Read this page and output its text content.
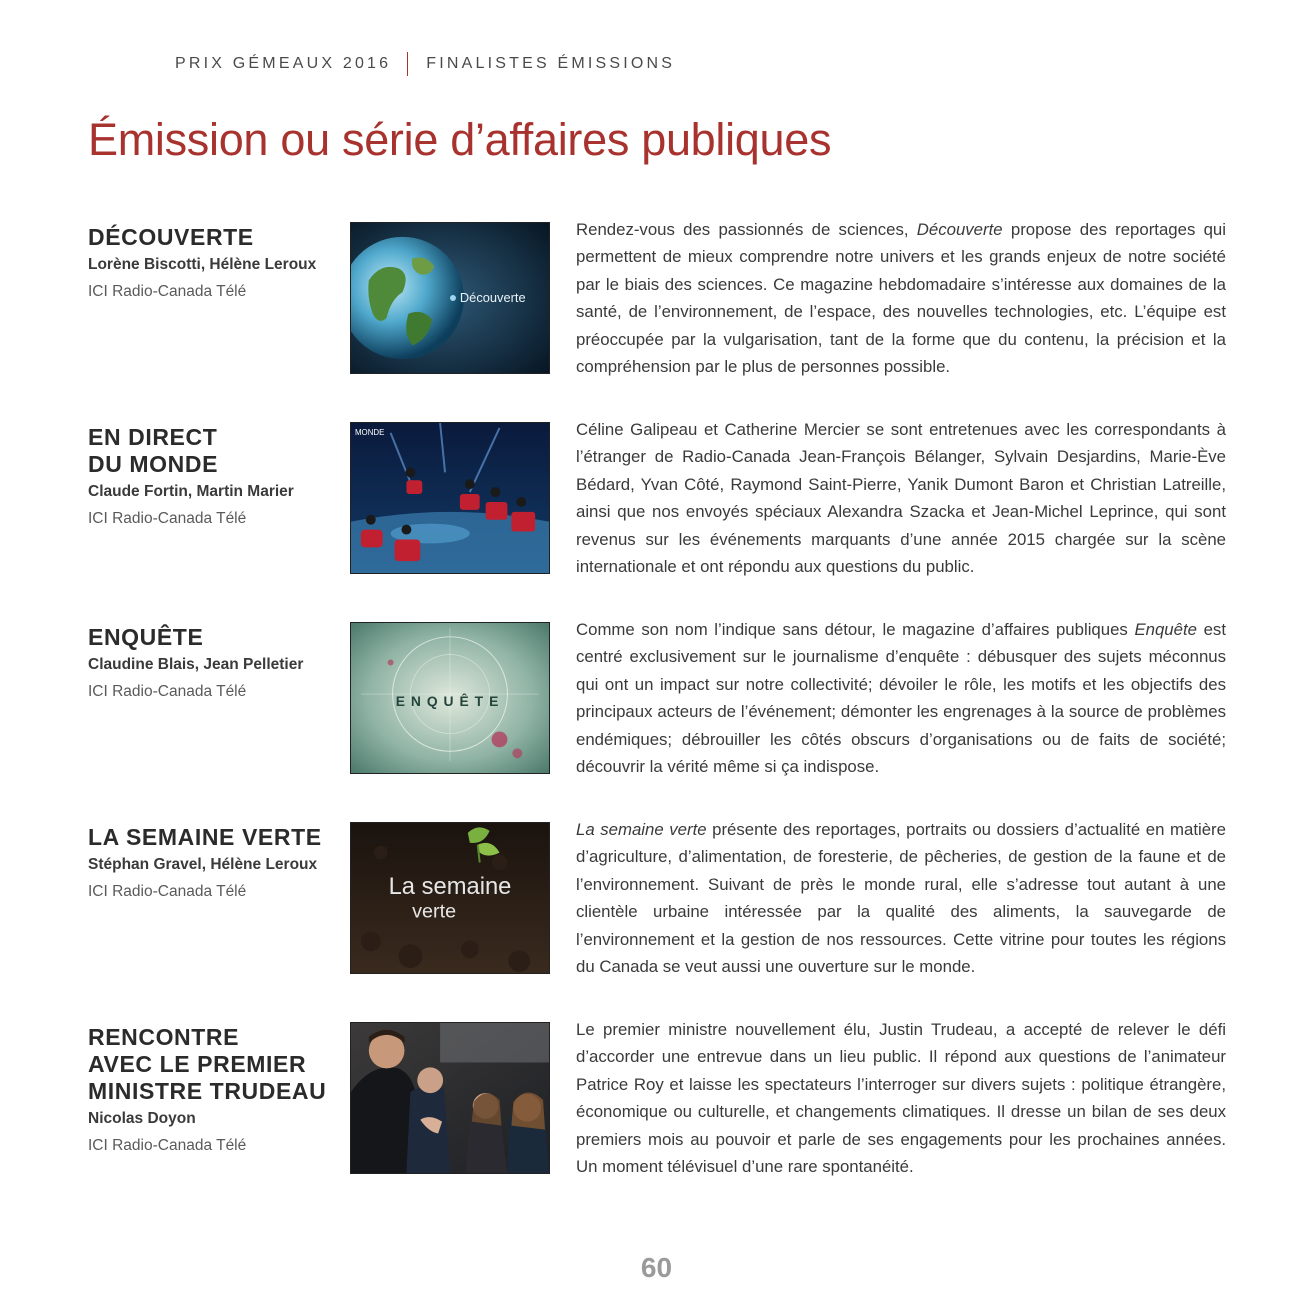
PRIX GÉMEAUX 2016 FINALISTES ÉMISSIONS
Émission ou série d’affaires publiques
DÉCOUVERTE
Lorène Biscotti, Hélène Leroux
ICI Radio-Canada Télé	Découverte

Rendez-vous des passionnés de sciences, Découverte propose des reportages qui permettent de mieux comprendre notre univers et les grands enjeux de notre société par le biais des sciences. Ce magazine hebdomadaire s’intéresse aux domaines de la santé, de l’environnement, de l’espace, des nouvelles technologies, etc. L’équipe est préoccupée par la vulgarisation, tant de la forme que du contenu, la précision et la compréhension par le plus de personnes possible.

EN DIRECT
DU MONDE
Claude Fortin, Martin Marier
ICI Radio-Canada Télé
MONDE	Céline Galipeau et Catherine Mercier se sont entretenues avec les correspondants à l’étranger de Radio-Canada Jean-François Bélanger, Sylvain Desjardins, Marie-Ève Bédard, Yvan Côté, Raymond Saint-Pierre, Yanik Dumont Baron et Christian Latreille, ainsi que nos envoyés spéciaux Alexandra Szacka et Jean-Michel Leprince, qui sont revenus sur les événements marquants d’une année 2015 chargée sur la scène internationale et ont répondu aux questions du public.

ENQUÊTE
Claudine Blais, Jean Pelletier
ICI Radio-Canada Télé
ENQUÊTE

Comme son nom l’indique sans détour, le magazine d’affaires publiques Enquête est centré exclusivement sur le journalisme d’enquête : débusquer des sujets méconnus qui ont un impact sur notre collectivité; dévoiler le rôle, les motifs et les objectifs des principaux acteurs de l’événement; démonter les engrenages à la source de problèmes endémiques; débrouiller les côtés obscurs d’organisations ou de faits de société; découvrir la vérité même si ça indispose.

LA SEMAINE VERTE
Stéphan Gravel, Hélène Leroux
ICI Radio-Canada Télé	La semaine
verte

La semaine verte présente des reportages, portraits ou dossiers d’actualité en matière d’agriculture, d’alimentation, de foresterie, de pêcheries, de gestion de la faune et de l’environnement. Suivant de près le monde rural, elle s’adresse tout autant à une clientèle urbaine intéressée par la qualité des aliments, la sauvegarde de l’environnement et la gestion de nos ressources. Cette vitrine pour toutes les régions du Canada se veut aussi une ouverture sur le monde.

RENCONTRE
AVEC LE PREMIER
MINISTRE TRUDEAU
Nicolas Doyon
ICI Radio-Canada Télé

Le premier ministre nouvellement élu, Justin Trudeau, a accepté de relever le défi d’accorder une entrevue dans un lieu public. Il répond aux questions de l’animateur Patrice Roy et laisse les spectateurs l’interroger sur divers sujets : politique étrangère, économique ou culturelle, et changements climatiques. Il dresse un bilan de ses deux premiers mois au pouvoir et parle de ses engagements pour les prochaines années. Un moment télévisuel d’une rare spontanéité.

60
